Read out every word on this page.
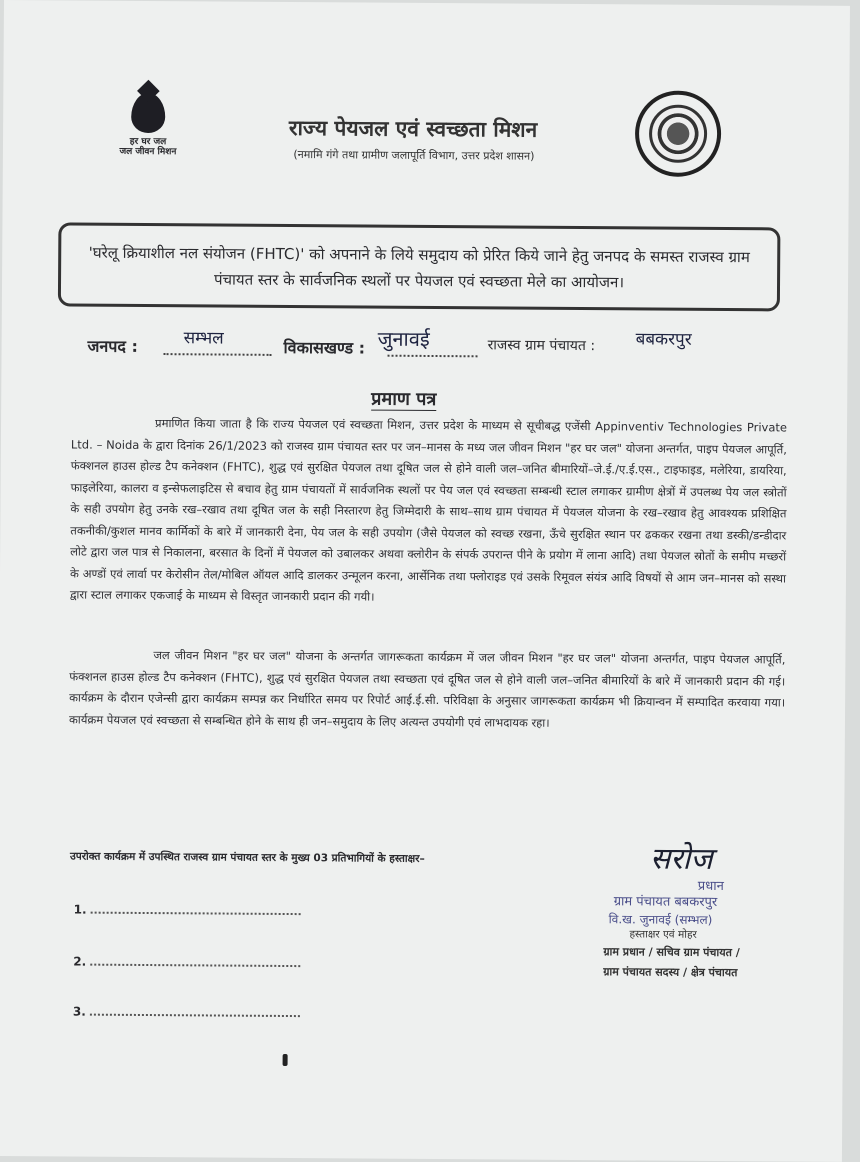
हर घर जल
जल जीवन मिशन
राज्य पेयजल एवं स्वच्छता मिशन
(नमामि गंगे तथा ग्रामीण जलापूर्ति विभाग, उत्तर प्रदेश शासन)
'घरेलू क्रियाशील नल संयोजन (FHTC)' को अपनाने के लिये समुदाय को प्रेरित किये जाने हेतु जनपद के समस्त राजस्व ग्राम पंचायत स्तर के सार्वजनिक स्थलों पर पेयजल एवं स्वच्छता मेले का आयोजन।
जनपद :	सम्भल	विकासखण्ड : जुनावई	राजस्व ग्राम पंचायत : बबकरपुर
प्रमाण पत्र
प्रमाणित किया जाता है कि राज्य पेयजल एवं स्वच्छता मिशन, उत्तर प्रदेश के माध्यम से सूचीबद्ध एजेंसी Appinventiv Technologies Private Ltd. – Noida के द्वारा दिनांक 26/1/2023 को राजस्व ग्राम पंचायत स्तर पर जन–मानस के मध्य जल जीवन मिशन "हर घर जल" योजना अन्तर्गत, पाइप पेयजल आपूर्ति, फंक्शनल हाउस होल्ड टैप कनेक्शन (FHTC), शुद्ध एवं सुरक्षित पेयजल तथा दूषित जल से होने वाली जल–जनित बीमारियों–जे.ई./ए.ई.एस., टाइफाइड, मलेरिया, डायरिया, फाइलेरिया, कालरा व इन्सेफलाइटिस से बचाव हेतु ग्राम पंचायतों में सार्वजनिक स्थलों पर पेय जल एवं स्वच्छता सम्बन्धी स्टाल लगाकर ग्रामीण क्षेत्रों में उपलब्ध पेय जल स्त्रोतों के सही उपयोग हेतु उनके रख–रखाव तथा दूषित जल के सही निस्तारण हेतु जिम्मेदारी के साथ–साथ ग्राम पंचायत में पेयजल योजना के रख–रखाव हेतु आवश्यक प्रशिक्षित तकनीकी/कुशल मानव कार्मिकों के बारे में जानकारी देना, पेय जल के सही उपयोग (जैसे पेयजल को स्वच्छ रखना, ऊँचे सुरक्षित स्थान पर ढककर रखना तथा डस्की/डन्डीदार लोटे द्वारा जल पात्र से निकालना, बरसात के दिनों में पेयजल को उबालकर अथवा क्लोरीन के संपर्क उपरान्त पीने के प्रयोग में लाना आदि) तथा पेयजल स्रोतों के समीप मच्छरों के अण्डों एवं लार्वा पर केरोसीन तेल/मोबिल ऑयल आदि डालकर उन्मूलन करना, आर्सेनिक तथा फ्लोराइड एवं उसके रिमूवल संयंत्र आदि विषयों से आम जन–मानस को सस्था द्वारा स्टाल लगाकर एकजाई के माध्यम से विस्तृत जानकारी प्रदान की गयी।
जल जीवन मिशन "हर घर जल" योजना के अन्तर्गत जागरूकता कार्यक्रम में जल जीवन मिशन "हर घर जल" योजना अन्तर्गत, पाइप पेयजल आपूर्ति, फंक्शनल हाउस होल्ड टैप कनेक्शन (FHTC), शुद्ध एवं सुरक्षित पेयजल तथा स्वच्छता एवं दूषित जल से होने वाली जल–जनित बीमारियों के बारे में जानकारी प्रदान की गई। कार्यक्रम के दौरान एजेन्सी द्वारा कार्यक्रम सम्पन्न कर निर्धारित समय पर रिपोर्ट आई.ई.सी. परिविक्षा के अनुसार जागरूकता कार्यक्रम भी क्रियान्वन में सम्पादित करवाया गया। कार्यक्रम पेयजल एवं स्वच्छता से सम्बन्धित होने के साथ ही जन–समुदाय के लिए अत्यन्त उपयोगी एवं लाभदायक रहा।
उपरोक्त कार्यक्रम में उपस्थित राजस्व ग्राम पंचायत स्तर के मुख्य 03 प्रतिभागियों के हस्ताक्षर–
1.
2.
3.
सरोज
प्रधान
ग्राम पंचायत बबकरपुर
वि.ख. जुनावई (सम्भल)
हस्ताक्षर एवं मोहर
ग्राम प्रधान / सचिव ग्राम पंचायत /
ग्राम पंचायत सदस्य / क्षेत्र पंचायत
